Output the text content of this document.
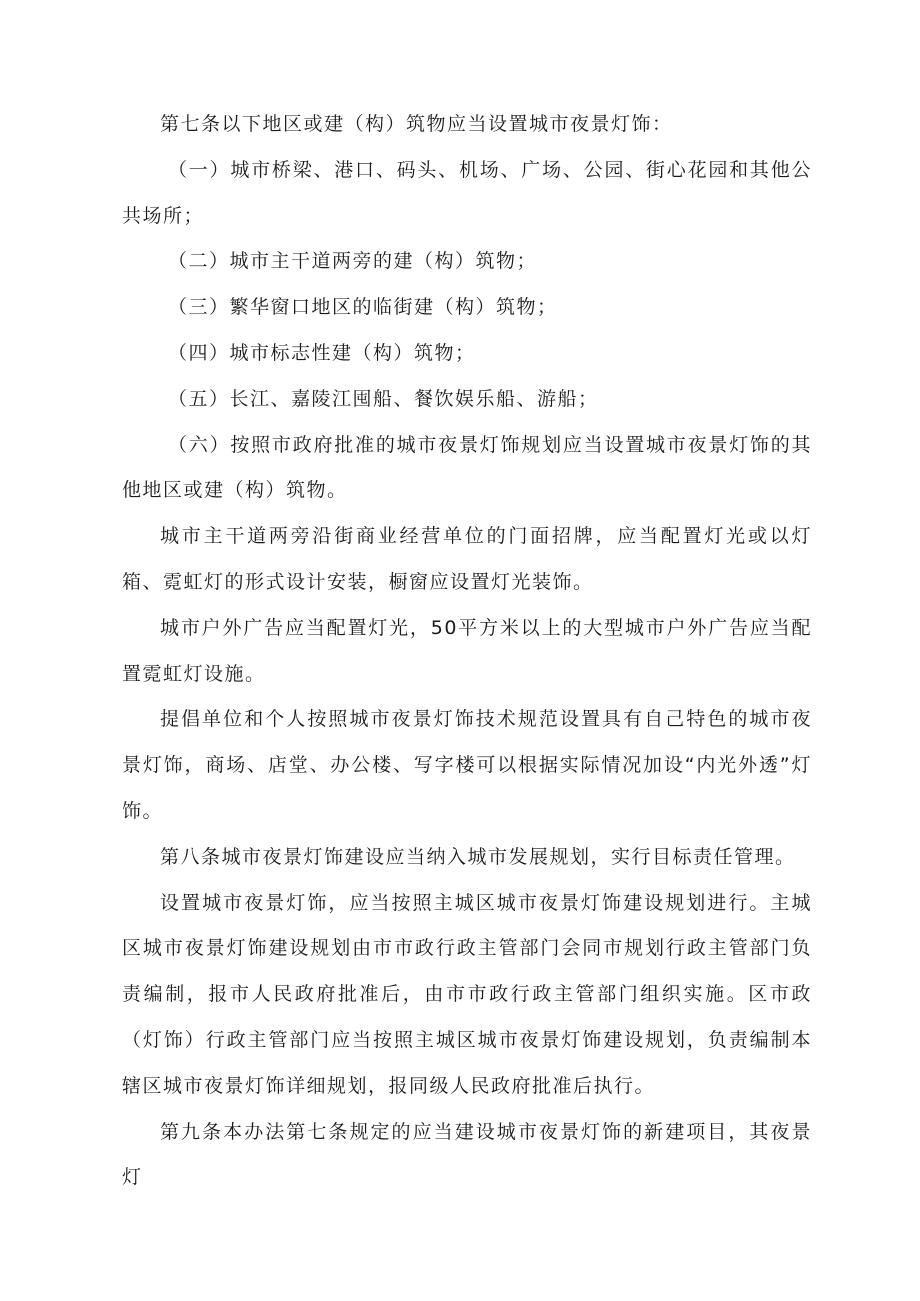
第七条以下地区或建（构）筑物应当设置城市夜景灯饰：

（一）城市桥梁、港口、码头、机场、广场、公园、街心花园和其他公共场所；

（二）城市主干道两旁的建（构）筑物；

（三）繁华窗口地区的临街建（构）筑物；

（四）城市标志性建（构）筑物；

（五）长江、嘉陵江囤船、餐饮娱乐船、游船；

（六）按照市政府批准的城市夜景灯饰规划应当设置城市夜景灯饰的其他地区或建（构）筑物。

城市主干道两旁沿街商业经营单位的门面招牌，应当配置灯光或以灯箱、霓虹灯的形式设计安装，橱窗应设置灯光装饰。

城市户外广告应当配置灯光，50平方米以上的大型城市户外广告应当配置霓虹灯设施。

提倡单位和个人按照城市夜景灯饰技术规范设置具有自己特色的城市夜景灯饰，商场、店堂、办公楼、写字楼可以根据实际情况加设“内光外透”灯饰。

第八条城市夜景灯饰建设应当纳入城市发展规划，实行目标责任管理。

设置城市夜景灯饰，应当按照主城区城市夜景灯饰建设规划进行。主城区城市夜景灯饰建设规划由市市政行政主管部门会同市规划行政主管部门负责编制，报市人民政府批准后，由市市政行政主管部门组织实施。区市政（灯饰）行政主管部门应当按照主城区城市夜景灯饰建设规划，负责编制本辖区城市夜景灯饰详细规划，报同级人民政府批准后执行。

第九条本办法第七条规定的应当建设城市夜景灯饰的新建项目，其夜景灯
